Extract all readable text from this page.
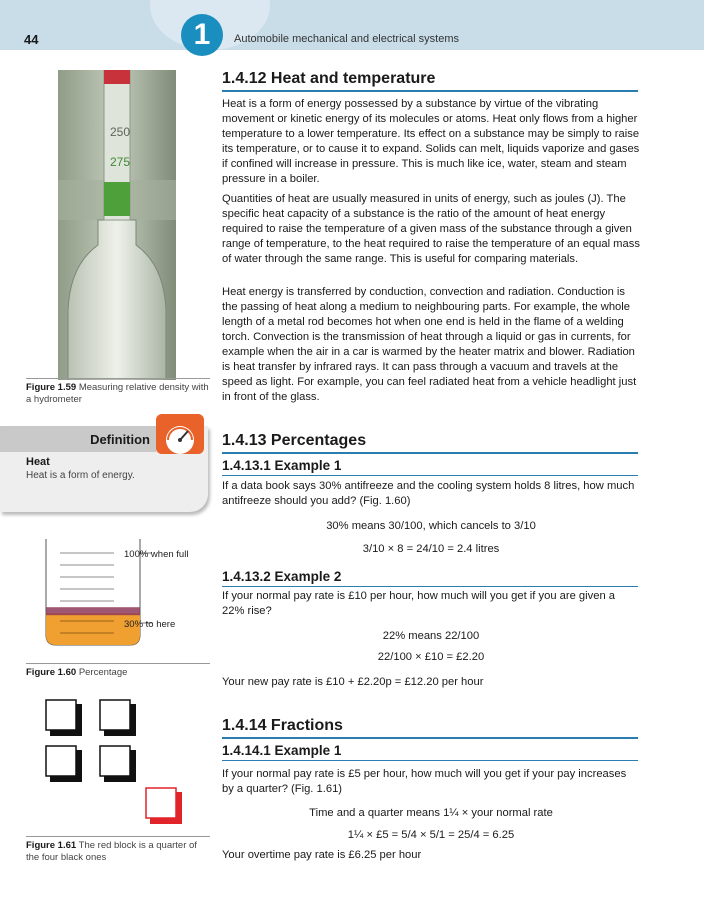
1
44	Automobile mechanical and electrical systems
250
275
Figure 1.59 Measuring relative density with a hydrometer
Definition
Heat
Heat is a form of energy.
100% when full
30% to here
Figure 1.60 Percentage
Figure 1.61 The red block is a quarter of the four black ones
1.4.12 Heat and temperature

Heat is a form of energy possessed by a substance by virtue of the vibrating movement or kinetic energy of its molecules or atoms. Heat only flows from a higher temperature to a lower temperature. Its effect on a substance may be simply to raise its temperature, or to cause it to expand. Solids can melt, liquids vaporize and gases if confined will increase in pressure. This is much like ice, water, steam and steam pressure in a boiler.

Quantities of heat are usually measured in units of energy, such as joules (J). The specific heat capacity of a substance is the ratio of the amount of heat energy required to raise the temperature of a given mass of the substance through a given range of temperature, to the heat required to raise the temperature of an equal mass of water through the same range. This is useful for comparing materials.

Heat energy is transferred by conduction, convection and radiation. Conduction is the passing of heat along a medium to neighbouring parts. For example, the whole length of a metal rod becomes hot when one end is held in the flame of a welding torch. Convection is the transmission of heat through a liquid or gas in currents, for example when the air in a car is warmed by the heater matrix and blower. Radiation is heat transfer by infrared rays. It can pass through a vacuum and travels at the speed as light. For example, you can feel radiated heat from a vehicle headlight just in front of the glass.

1.4.13 Percentages
1.4.13.1 Example 1

If a data book says 30% antifreeze and the cooling system holds 8 litres, how much antifreeze should you add? (Fig. 1.60)

30% means 30/100, which cancels to 3/10
3/10 × 8 = 24/10 = 2.4 litres
1.4.13.2 Example 2

If your normal pay rate is £10 per hour, how much will you get if you are given a 22% rise?

22% means 22/100
22/100 × £10 = £2.20

Your new pay rate is £10 + £2.20p = £12.20 per hour

1.4.14 Fractions
1.4.14.1 Example 1

If your normal pay rate is £5 per hour, how much will you get if your pay increases by a quarter? (Fig. 1.61)

Time and a quarter means 1¼ × your normal rate
1¼ × £5 = 5/4 × 5/1 = 25/4 = 6.25

Your overtime pay rate is £6.25 per hour
